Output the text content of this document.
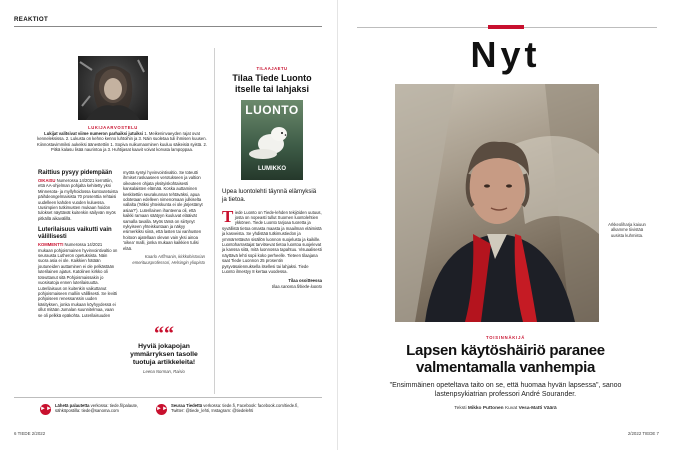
REAKTIOT
LUKIJAARVOSTELU
Lukijat valitsivat viime numeron parhaiksi jutuiksi 1. Meikeninvaeyden rajat ovat kenneleksissa. 2. Lukusta on kehno kenno luhtoihin ja 3. Näin suoletaa tuli ihmisen kuusen. Kiinnostavimmiksi aukeiksi äänestettiin 1. Sopiva nuikumaominen kuuluu säikeisiä syistä. 2. Pitkä kalasu lisää naurintoa ja 3. Huhtijasat kaavit voivat korvata lampoppaa.
Raittius pysyy pidempään
OIKAISU Numerossa 14/2021 kerrottiin, että AA-ohjelman pohjalta kehitetty yksi Minnesota- ja myllyhoidossa kuntoutetuista päihdeongelmaisista 70 prosenttia rehtaisi uudelleen kahden vuoden kuluessa. Uusimpien tutkimusten mukaan hoidon tulokset näyttävät kuitenkin säilyvän myös pitkällä aikavälillä.
Luterilaisuus vaikutti vain välillisesti
KOMMENTTI Numerossa 14/2021 mukaan pohjoismainen hyvinvointivaltio on seurausta Lutheron opetuksista. Näin suora asia ei ole. Kaikkien hätään joutuneiden auttaminen ei ole pelkästään luterilainen ajatus. Katolinen kirkko oli toteuttanut sitä Pohjoismaissakin jo vuosisatoja ennen luterilaisuutta. Luterilaisuus on kuitenkin vaikuttanut pohjoismaiseen malliin välillisesti. Se levitti pohjoiseen renessanssin uuden käsityksen, jonka mukaan köyhyydessä ei ollut mitään Jumalan suunnitelmaa, vaan se oli pelkkä epäkohta. Luterilaisuuden
myötä syntyi hyvinvointivaltio. Se toteutti ihmiset raskaaseen verotukseen ja valtion oikeuteen ohjata yksityiskohtaisesti kansalaisten elämää. Koska auttaminen keskitettiin seurakunnan tehtäväksi, apua odotetaan edelleen nimenomaan julkiselta vallalta ('Miksi yhteiskunta ei ole järjestänyt asiaa?'). Luterilainen ihanteena oli, että kaikki ramaan säätyyn kuuluvat elääivät samalla tavalla. Myös tämä on siirtynyt nykyiseen yhteiskuntaan ja näkyy esimerkiksi siinä, että lasten tai vanhusten hoitoon ajatellaan olevan vain yksi ainoa 'oikea' malli, jonka mukaan kaikkien tulisi elää.
Kaarlo Arffmanin, kirkkohistorian emerituusprofessori, Helsingin yliopisto
““
Hyviä jokapojan ymmärryksen tasolle tuotuja artikkeleita!
Leena Norman, Raisio
TILAAJAETU
Tilaa Tiede Luonto itselle tai lahjaksi
LUONTO
LUMIKKO
Upea luontolehti täynnä elämyksiä ja tietoa.
T iede Luonto on Tiede-lehden tekijöiden uutuus, josta on nopeasti tullut Suomen luontolehtien ykkönen. Tiede Luonto tarjoaa tuoretta ja syvällistä tietoa omasta maasta ja maailman eläimistä ja kasveista. Se yhdistää tutkimustiedon ja ymmärrettävän sisällön luonnon suojelusta ja kaikille. Luontoharrastajat tarvitsevat tietoa luontoa suojelevat ja kanssa siitä, mitä luonnossa tapahtuu. Visuaalisesti näyttävä lehti sopii koko perheelle. Tieteen tilaajana saat Tiede Luonnon 25 prosentin pysyväsalennuksella itsellesi tai lahjaksi. Tiede Luonto ilmestyy 8 kertaa vuodessa.
Tilaa osoitteessa
tilaa.sanoma.fi/tiede-luonto
►►
Lähetä palautetta verkossa: tiede.fi/palaute, sähköpostilla: tiede@sanoma.com	►►
Seuraa Tiedettä verkossa: tiede.fi, Facebook: facebook.com/tiede.fi, Twitter: @tiede_lehti, Instagram: @tiedelehti
6 TIEDE 2/2022
Nyt
Arkkeoliharja kaiuun alkamme tiivistää uusista kuhmista.
TOISINNÄKIJÄ
Lapsen käytöshäiriö paranee valmentamalla vanhempia
"Ensimmäinen opeteltava taito on se, että huomaa hyvän lapsessa", sanoo lastenpsykiatrian professori André Sourander.
Teksti Mikko Puttonen Kuvat Vesa-Matti Väärä
2/2022 TIEDE 7
